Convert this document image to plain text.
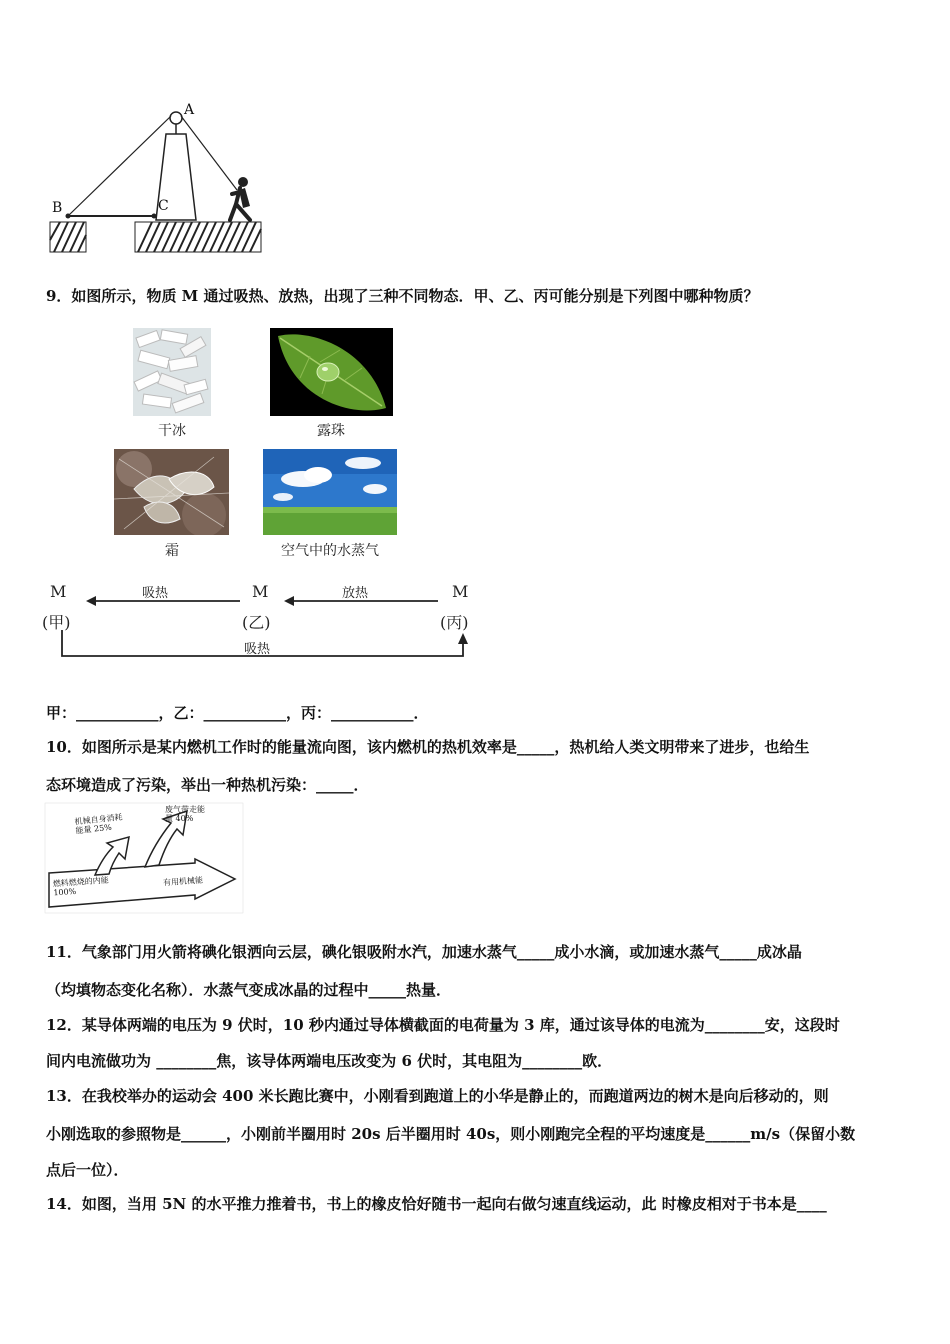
A
B	C
9．如图所示，物质 M 通过吸热、放热，出现了三种不同物态．甲、乙、丙可能分别是下列图中哪种物质？
干冰	露珠
霜	空气中的水蒸气
M	M	M
(甲)	(乙)	(丙)
吸热	放热
吸热
甲：___________，乙：___________，丙：___________．
10．如图所示是某内燃机工作时的能量流向图，该内燃机的热机效率是_____，热机给人类文明带来了进步，也给生
态环境造成了污染，举出一种热机污染：_____．
机械自身消耗能量 25%
废气带走能量 40%
燃料燃烧的内能 100%
有用机械能
11．气象部门用火箭将碘化银洒向云层，碘化银吸附水汽，加速水蒸气_____成小水滴，或加速水蒸气_____成冰晶
（均填物态变化名称）．水蒸气变成冰晶的过程中_____热量．
12．某导体两端的电压为 9 伏时，10 秒内通过导体横截面的电荷量为 3 库，通过该导体的电流为________安，这段时
间内电流做功为 ________焦，该导体两端电压改变为 6 伏时，其电阻为________欧．
13．在我校举办的运动会 400 米长跑比赛中，小刚看到跑道上的小华是静止的，而跑道两边的树木是向后移动的，则
小刚选取的参照物是______，小刚前半圈用时 20s 后半圈用时 40s，则小刚跑完全程的平均速度是______m/s（保留小数
点后一位）．
14．如图，当用 5N 的水平推力推着书，书上的橡皮恰好随书一起向右做匀速直线运动，此 时橡皮相对于书本是____
